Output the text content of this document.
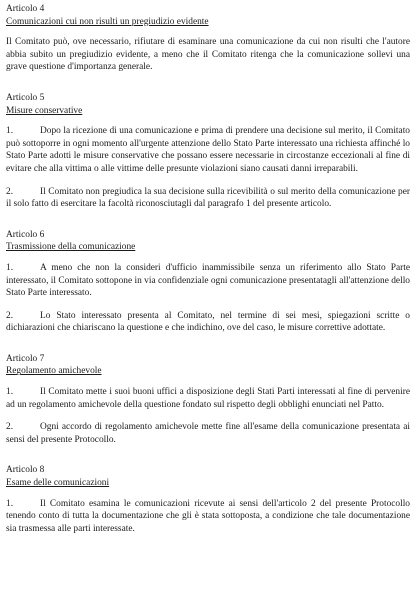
Articolo 4

Comunicazioni cui non risulti un pregiudizio evidente

Il Comitato può, ove necessario, rifiutare di esaminare una comunicazione da cui non risulti che l'autore abbia subito un pregiudizio evidente, a meno che il Comitato ritenga che la comunicazione sollevi una grave questione d'importanza generale.

Articolo 5

Misure conservative

1.	Dopo la ricezione di una comunicazione e prima di prendere una decisione sul merito, il Comitato può sottoporre in ogni momento all'urgente attenzione dello Stato Parte interessato una richiesta affinché lo Stato Parte adotti le misure conservative che possano essere necessarie in circostanze eccezionali al fine di evitare che alla vittima o alle vittime delle presunte violazioni siano causati danni irreparabili.

2.	Il Comitato non pregiudica la sua decisione sulla ricevibilità o sul merito della comunicazione per il solo fatto di esercitare la facoltà riconosciutagli dal paragrafo 1 del presente articolo.

Articolo 6

Trasmissione della comunicazione

1.	A meno che non la consideri d'ufficio inammissibile senza un riferimento allo Stato Parte interessato, il Comitato sottopone in via confidenziale ogni comunicazione presentatagli all'attenzione dello Stato Parte interessato.

2.	Lo Stato interessato presenta al Comitato, nel termine di sei mesi, spiegazioni scritte o dichiarazioni che chiariscano la questione e che indichino, ove del caso, le misure correttive adottate.

Articolo 7

Regolamento amichevole

1.	Il Comitato mette i suoi buoni uffici a disposizione degli Stati Parti interessati al fine di pervenire ad un regolamento amichevole della questione fondato sul rispetto degli obblighi enunciati nel Patto.

2.	Ogni accordo di regolamento amichevole mette fine all'esame della comunicazione presentata ai sensi del presente Protocollo.

Articolo 8

Esame delle comunicazioni

1.	Il Comitato esamina le comunicazioni ricevute ai sensi dell'articolo 2 del presente Protocollo tenendo conto di tutta la documentazione che gli è stata sottoposta, a condizione che tale documentazione sia trasmessa alle parti interessate.
